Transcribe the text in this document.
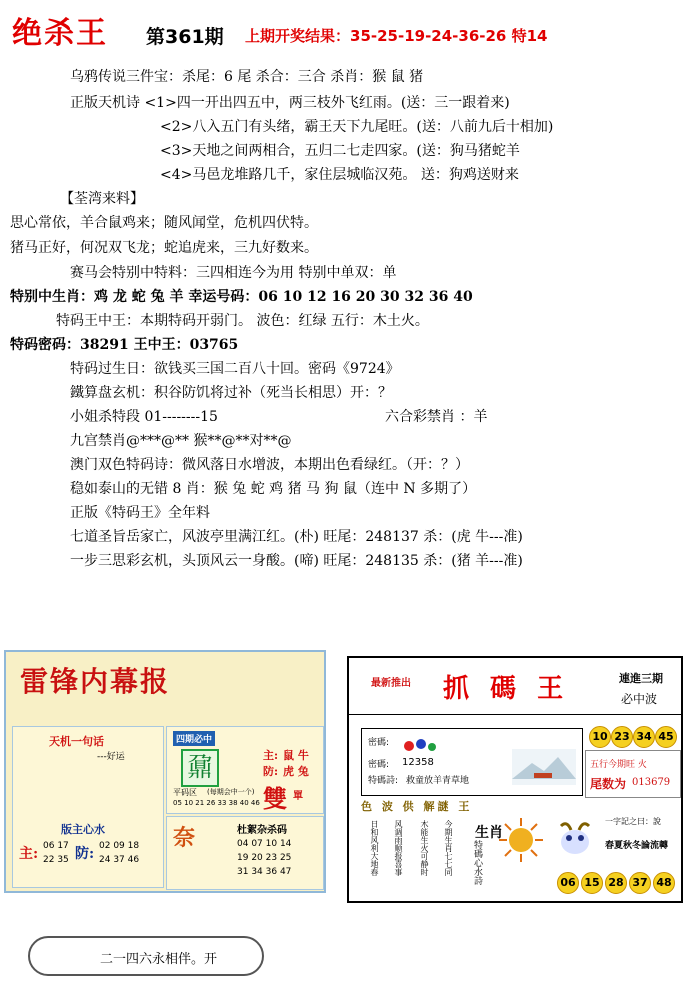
绝杀王 第361期 上期开奖结果：35-25-19-24-36-26 特14
乌鸦传说三件宝：杀尾：6 尾 杀合：三合 杀肖：猴 鼠 猪
正版天机诗 <1>四一开出四五中，两三枝外飞红雨。(送：三一跟着来)
<2>八入五门有头绪，霸王天下九尾旺。(送：八前九后十相加)
<3>天地之间两相合，五归二七走四家。(送：狗马猪蛇羊
<4>马邑龙堆路几千，家住层城临汉苑。 送：狗鸡送财来
【荃湾来料】
思心常依，羊合鼠鸡来；随风闻堂，危机四伏特。
猪马正好，何况双飞龙；蛇追虎来，三九好数来。
赛马会特别中特料：三四相连今为用 特别中单双：单
特别中生肖：鸡 龙 蛇 兔 羊 幸运号码：06 10 12 16 20 30 32 36 40
特码王中王：本期特码开弱门。 波色：红绿 五行：木土火。
特码密码：38291 王中王：03765
特码过生日：欲钱买三国二百八十回。密码《9724》
鐵算盘玄机：积谷防饥将过补（死当长相思）开：？
小姐杀特段 01--------15	六合彩禁肖 ：羊
九宫禁肖@***@** 猴**@**对**@
澳门双色特码诗：微风落日水增波，本期出色看绿红。（开：？）
稳如泰山的无错 8 肖：猴 兔 蛇 鸡 猪 马 狗 鼠（连中 N 多期了）
正版《特码王》全年料
七道圣旨岳家亡，风波亭里满江红。(朴) 旺尾：248137 杀：(虎 牛---准)
一步三思彩玄机，头顶风云一身酸。(啼) 旺尾：248135 杀：(猪 羊---准)
雷锋内幕报
天机一句话
---好运
版主心水
主: 06 17
22 35 防: 02 09 18
24 37 46
四期必中
鼐	主: 鼠 牛
防: 虎 兔
雙 單
平码区 (每期会中一个)
05 10 21 26 33 38 40 46
奈	杜絮杂杀码
04 07 10 14
19 20 23 25
31 34 36 47
最新推出 抓 碼 王	連進三期
必中波
密碼:
密碼: 12358
特碼詩: 救童放羊青草地
10 23 34 45
五行今期旺 火
尾数为 013679
色 波 供 解謎 王
日和风利大地春 风调雨顺报喜事 木能生火可静时 今期生肖七七同 生肖
特碼心水詩
一字記之曰：說
春夏秋冬論流轉
06 15 28 37 48
二一四六永相伴。开
